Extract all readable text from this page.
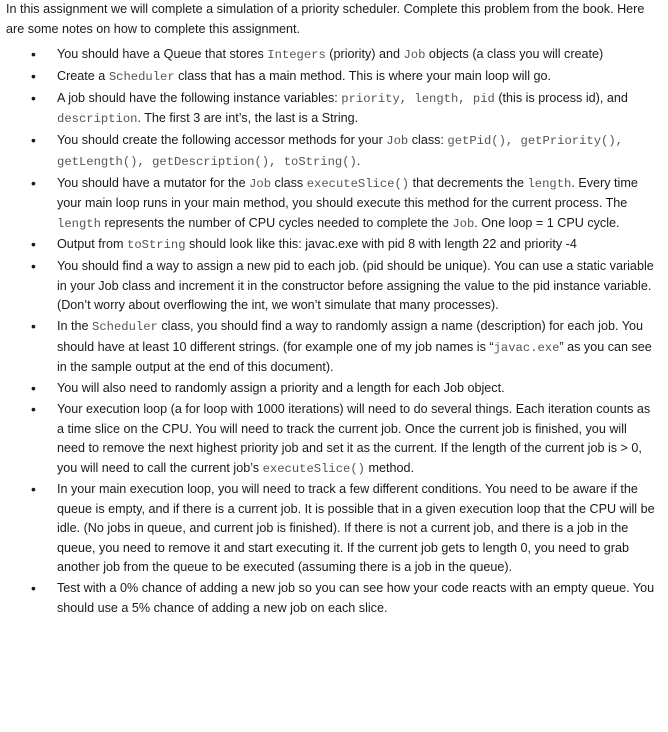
In this assignment we will complete a simulation of a priority scheduler. Complete this problem from the book. Here are some notes on how to complete this assignment.

• You should have a Queue that stores Integers (priority) and Job objects (a class you will create)
• Create a Scheduler class that has a main method. This is where your main loop will go.
• A job should have the following instance variables: priority, length, pid (this is process id), and description. The first 3 are int’s, the last is a String.
• You should create the following accessor methods for your Job class: getPid(), getPriority(), getLength(), getDescription(), toString().
• You should have a mutator for the Job class executeSlice() that decrements the length. Every time your main loop runs in your main method, you should execute this method for the current process. The length represents the number of CPU cycles needed to complete the Job. One loop = 1 CPU cycle.
• Output from toString should look like this: javac.exe with pid 8 with length 22 and priority -4
• You should find a way to assign a new pid to each job. (pid should be unique). You can use a static variable in your Job class and increment it in the constructor before assigning the value to the pid instance variable. (Don’t worry about overflowing the int, we won’t simulate that many processes).
• In the Scheduler class, you should find a way to randomly assign a name (description) for each job. You should have at least 10 different strings. (for example one of my job names is “javac.exe” as you can see in the sample output at the end of this document).
• You will also need to randomly assign a priority and a length for each Job object.
• Your execution loop (a for loop with 1000 iterations) will need to do several things. Each iteration counts as a time slice on the CPU. You will need to track the current job. Once the current job is finished, you will need to remove the next highest priority job and set it as the current. If the length of the current job is > 0, you will need to call the current job’s executeSlice() method.
• In your main execution loop, you will need to track a few different conditions. You need to be aware if the queue is empty, and if there is a current job. It is possible that in a given execution loop that the CPU will be idle. (No jobs in queue, and current job is finished). If there is not a current job, and there is a job in the queue, you need to remove it and start executing it. If the current job gets to length 0, you need to grab another job from the queue to be executed (assuming there is a job in the queue).
• Test with a 0% chance of adding a new job so you can see how your code reacts with an empty queue. You should use a 5% chance of adding a new job on each slice.
